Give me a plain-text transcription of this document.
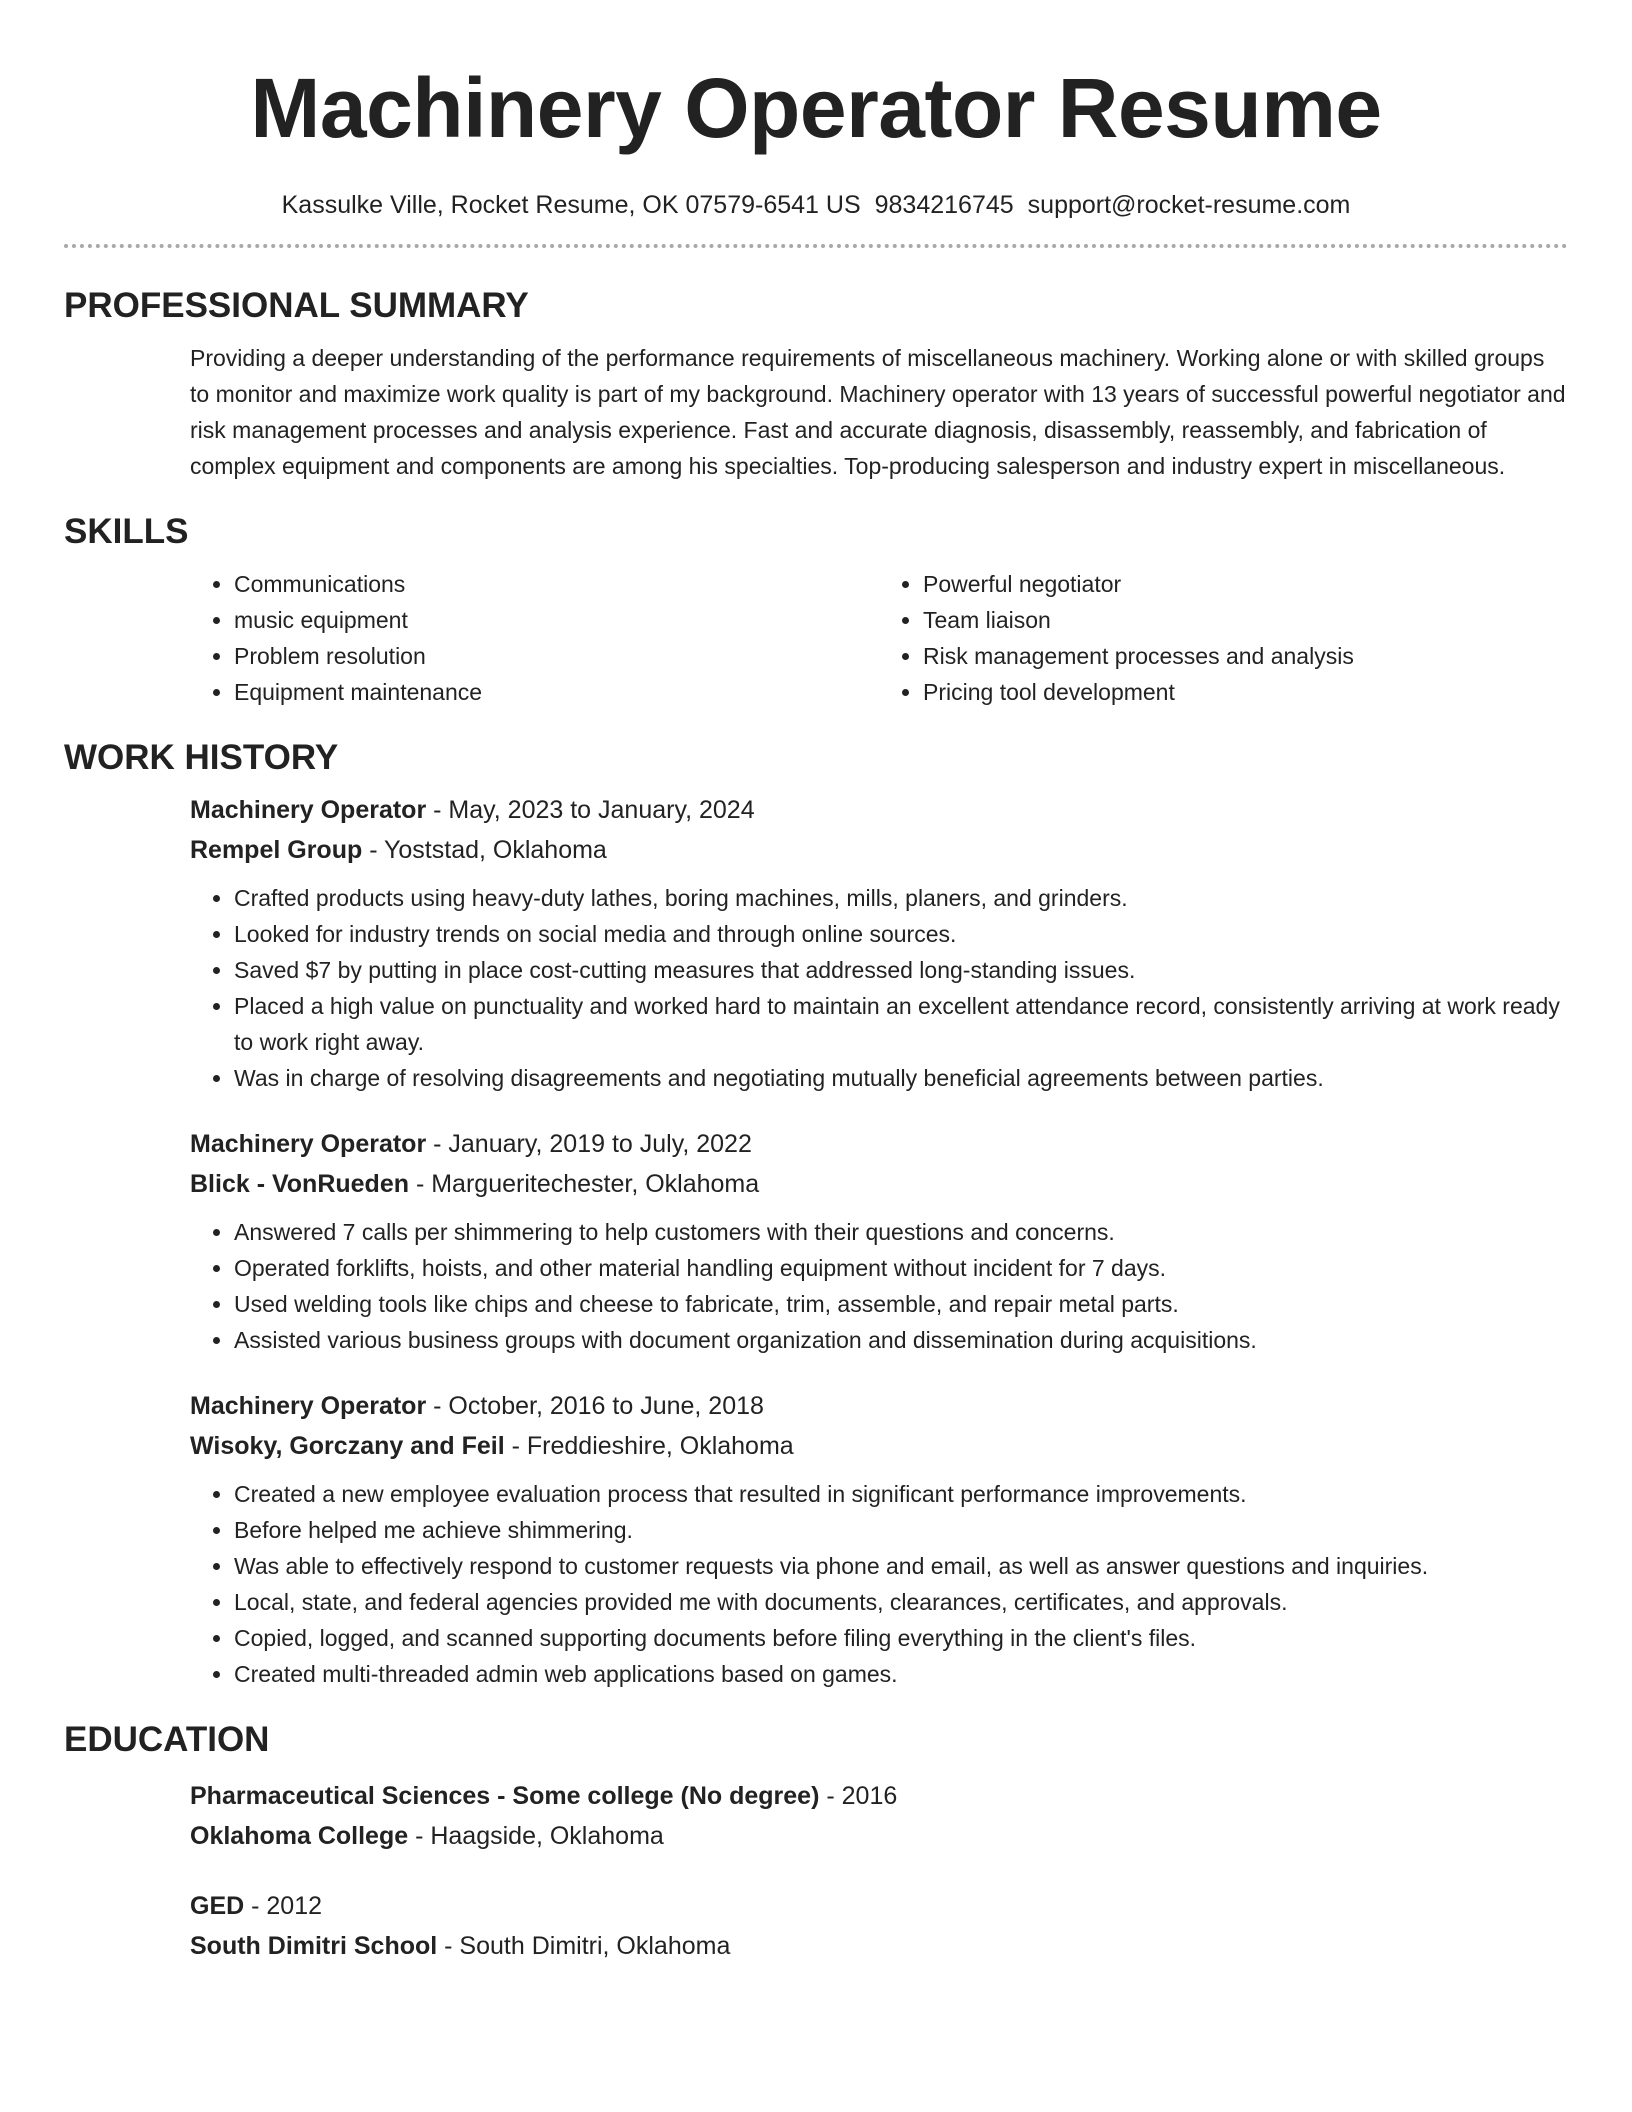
Machinery Operator Resume
Kassulke Ville, Rocket Resume, OK 07579-6541 US 9834216745 support@rocket-resume.com
PROFESSIONAL SUMMARY

Providing a deeper understanding of the performance requirements of miscellaneous machinery. Working alone or with skilled groups to monitor and maximize work quality is part of my background. Machinery operator with 13 years of successful powerful negotiator and risk management processes and analysis experience. Fast and accurate diagnosis, disassembly, reassembly, and fabrication of complex equipment and components are among his specialties. Top-producing salesperson and industry expert in miscellaneous.

SKILLS
• Communications
• music equipment
• Problem resolution
• Equipment maintenance
• Powerful negotiator
• Team liaison
• Risk management processes and analysis
• Pricing tool development
WORK HISTORY
Machinery Operator - May, 2023 to January, 2024
Rempel Group - Yoststad, Oklahoma
• Crafted products using heavy-duty lathes, boring machines, mills, planers, and grinders.
• Looked for industry trends on social media and through online sources.
• Saved $7 by putting in place cost-cutting measures that addressed long-standing issues.
• Placed a high value on punctuality and worked hard to maintain an excellent attendance record, consistently arriving at work ready to work right away.
• Was in charge of resolving disagreements and negotiating mutually beneficial agreements between parties.
Machinery Operator - January, 2019 to July, 2022
Blick - VonRueden - Margueritechester, Oklahoma
• Answered 7 calls per shimmering to help customers with their questions and concerns.
• Operated forklifts, hoists, and other material handling equipment without incident for 7 days.
• Used welding tools like chips and cheese to fabricate, trim, assemble, and repair metal parts.
• Assisted various business groups with document organization and dissemination during acquisitions.
Machinery Operator - October, 2016 to June, 2018
Wisoky, Gorczany and Feil - Freddieshire, Oklahoma
• Created a new employee evaluation process that resulted in significant performance improvements.
• Before helped me achieve shimmering.
• Was able to effectively respond to customer requests via phone and email, as well as answer questions and inquiries.
• Local, state, and federal agencies provided me with documents, clearances, certificates, and approvals.
• Copied, logged, and scanned supporting documents before filing everything in the client's files.
• Created multi-threaded admin web applications based on games.
EDUCATION
Pharmaceutical Sciences - Some college (No degree) - 2016
Oklahoma College - Haagside, Oklahoma
GED - 2012
South Dimitri School - South Dimitri, Oklahoma
